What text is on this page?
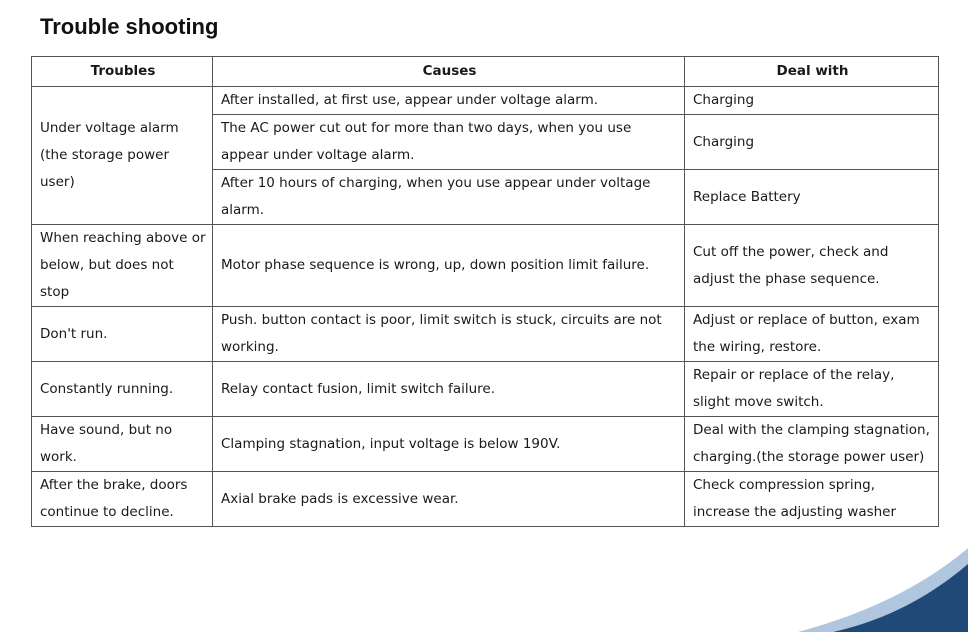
Trouble shooting
Troubles	Causes	Deal with
Under voltage alarm (the storage power user)	After installed, at first use, appear under voltage alarm.	Charging
	The AC power cut out for more than two days, when you use appear under voltage alarm.	Charging
	After 10 hours of charging, when you use appear under voltage alarm.	Replace Battery
When reaching above or below, but does not stop	Motor phase sequence is wrong, up, down position limit failure.	Cut off the power, check and adjust the phase sequence.
Don't run.	Push. button contact is poor, limit switch is stuck, circuits are not working.	Adjust or replace of button, exam the wiring, restore.
Constantly running.	Relay contact fusion, limit switch failure.	Repair or replace of the relay, slight move switch.
Have sound, but no work.	Clamping stagnation, input voltage is below 190V.	Deal with the clamping stagnation, charging.(the storage power user)
After the brake, doors continue to decline.	Axial brake pads is excessive wear.	Check compression spring, increase the adjusting washer
